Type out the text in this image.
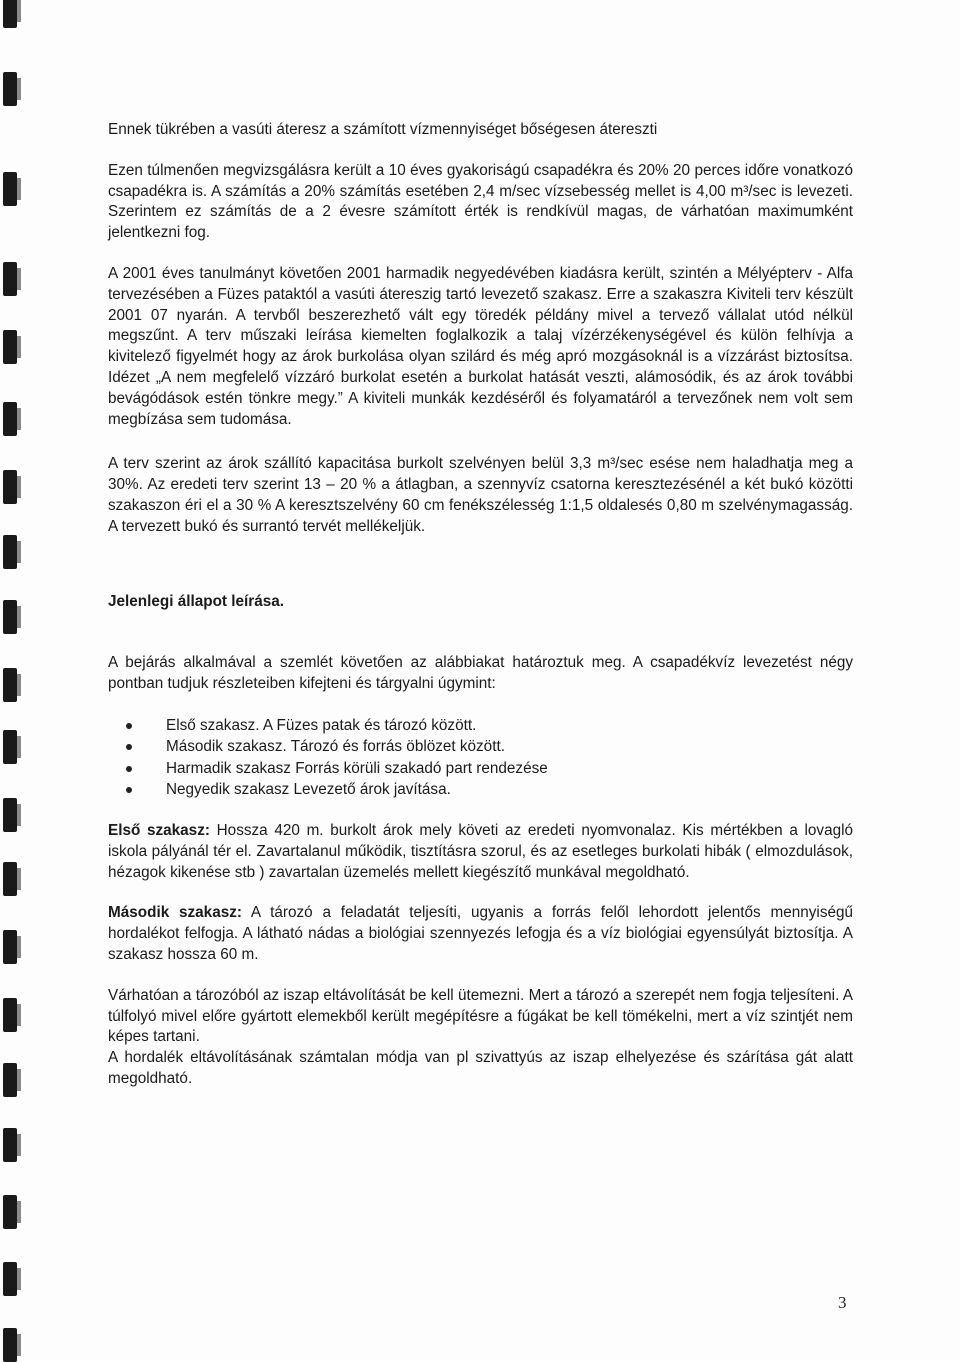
Ennek tükrében a vasúti áteresz a számított vízmennyiséget bőségesen átereszti

Ezen túlmenően megvizsgálásra került a 10 éves gyakoriságú csapadékra és 20% 20 perces időre vonatkozó csapadékra is. A számítás a 20% számítás esetében 2,4 m/sec vízsebesség mellet is 4,00 m³/sec is levezeti. Szerintem ez számítás de a 2 évesre számított érték is rendkívül magas, de várhatóan maximumként jelentkezni fog.

A 2001 éves tanulmányt követően 2001 harmadik negyedévében kiadásra került, szintén a Mélyépterv - Alfa tervezésében a Füzes pataktól a vasúti átereszig tartó levezető szakasz. Erre a szakaszra Kiviteli terv készült 2001 07 nyarán. A tervből beszerezhető vált egy töredék példány mivel a tervező vállalat utód nélkül megszűnt. A terv műszaki leírása kiemelten foglalkozik a talaj vízérzékenységével és külön felhívja a kivitelező figyelmét hogy az árok burkolása olyan szilárd és még apró mozgásoknál is a vízzárást biztosítsa. Idézet „A nem megfelelő vízzáró burkolat esetén a burkolat hatását veszti, alámosódik, és az árok további bevágódások estén tönkre megy.” A kiviteli munkák kezdéséről és folyamatáról a tervezőnek nem volt sem megbízása sem tudomása.

A terv szerint az árok szállító kapacitása burkolt szelvényen belül 3,3 m³/sec esése nem haladhatja meg a 30%. Az eredeti terv szerint 13 – 20 % a átlagban, a szennyvíz csatorna keresztezésénél a két bukó közötti szakaszon éri el a 30 % A keresztszelvény 60 cm fenékszélesség 1:1,5 oldalesés 0,80 m szelvénymagasság. A tervezett bukó és surrantó tervét mellékeljük.

Jelenlegi állapot leírása.

A bejárás alkalmával a szemlét követően az alábbiakat határoztuk meg. A csapadékvíz levezetést négy pontban tudjuk részleteiben kifejteni és tárgyalni úgymint:

Első szakasz. A Füzes patak és tározó között.
Második szakasz. Tározó és forrás öblözet között.
Harmadik szakasz Forrás körüli szakadó part rendezése
Negyedik szakasz Levezető árok javítása.

Első szakasz: Hossza 420 m. burkolt árok mely követi az eredeti nyomvonalaz. Kis mértékben a lovagló iskola pályánál tér el. Zavartalanul működik, tisztításra szorul, és az esetleges burkolati hibák ( elmozdulások, hézagok kikenése stb ) zavartalan üzemelés mellett kiegészítő munkával megoldható.

Második szakasz: A tározó a feladatát teljesíti, ugyanis a forrás felől lehordott jelentős mennyiségű hordalékot felfogja. A látható nádas a biológiai szennyezés lefogja és a víz biológiai egyensúlyát biztosítja. A szakasz hossza 60 m.

Várhatóan a tározóból az iszap eltávolítását be kell ütemezni. Mert a tározó a szerepét nem fogja teljesíteni. A túlfolyó mivel előre gyártott elemekből került megépítésre a fúgákat be kell tömékelni, mert a víz szintjét nem képes tartani.

A hordalék eltávolításának számtalan módja van pl szivattyús az iszap elhelyezése és szárítása gát alatt megoldható.

3
